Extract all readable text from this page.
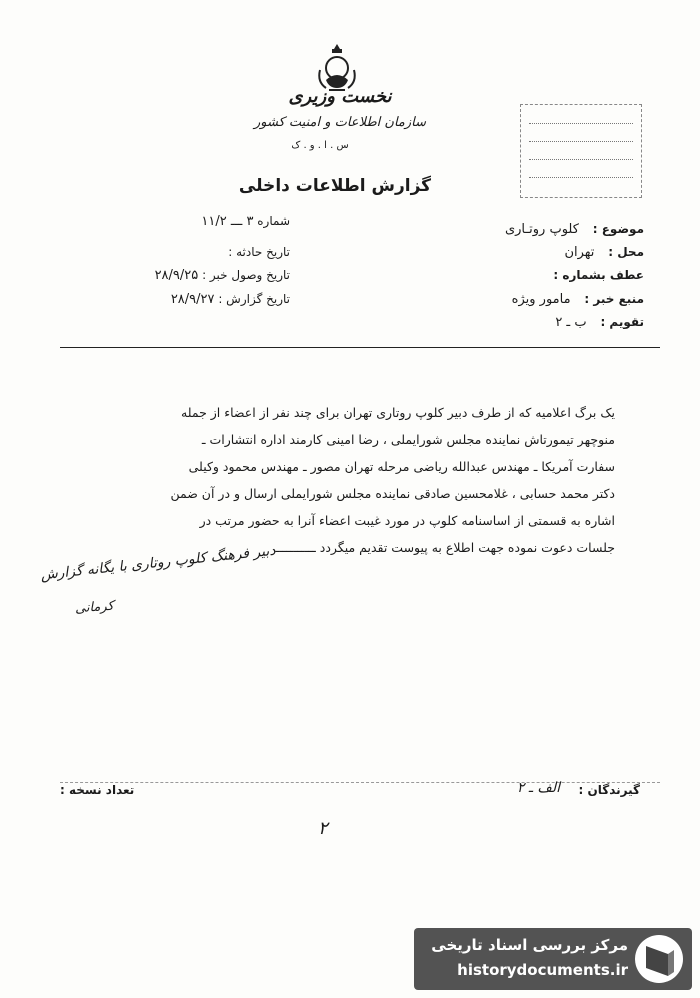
نخست وزیری
سازمان اطلاعات و امنیت کشور
س . ا . و . ک
گزارش اطلاعات داخلی
شماره ۳ ـــ ۱۱/۲
تاریخ حادثه :
تاریخ وصول خبر : ۲۸/۹/۲۵
تاریخ گزارش : ۲۸/۹/۲۷
موضوع : کلوپ روتـاری
محل : تهران
عطف بشماره :
منبع خبر : مامور ویژه
تقویم : ب ـ ۲
یک برگ اعلامیه که از طرف دبیر کلوپ روتاری تهران برای چند نفر از اعضاء از جمله
منوچهر تیمورتاش نماینده مجلس شورایملی ، رضا امینی کارمند اداره انتشارات ـ
سفارت آمریکا ـ مهندس عبدالله ریاضی مرحله تهران مصور ـ مهندس محمود وکیلی
دکتر محمد حسابی ، غلامحسین صادقی نماینده مجلس شورایملی ارسال و در آن ضمن
اشاره به قسمتی از اساسنامه کلوپ در مورد غیبت اعضاء آنرا به حضور مرتب در
جلسات دعوت نموده جهت اطلاع به پیوست تقدیم میگردد ـــــــــــ
دبیر فرهنگ کلوپ روتاری با یگانه گزارش
کرمانی
گیرندگان :
الف ـ ۲
تعداد نسخه :
۲
مرکز بررسی اسناد تاریخی
historydocuments.ir
